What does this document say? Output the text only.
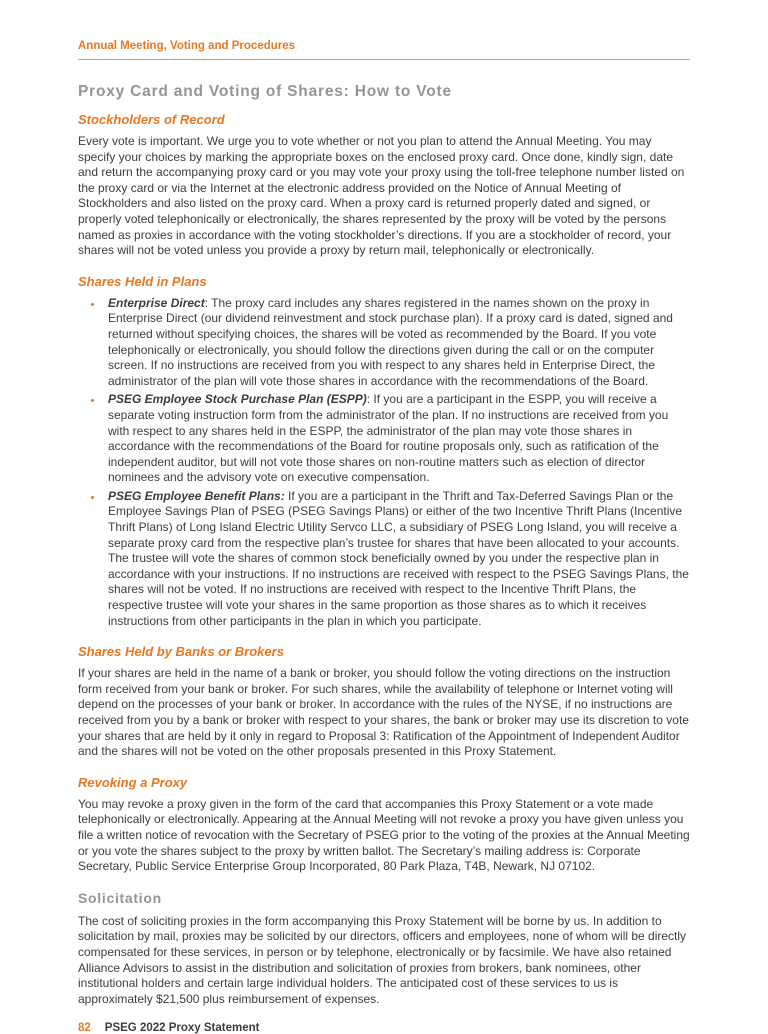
Annual Meeting, Voting and Procedures
Proxy Card and Voting of Shares: How to Vote
Stockholders of Record

Every vote is important. We urge you to vote whether or not you plan to attend the Annual Meeting. You may specify your choices by marking the appropriate boxes on the enclosed proxy card. Once done, kindly sign, date and return the accompanying proxy card or you may vote your proxy using the toll-free telephone number listed on the proxy card or via the Internet at the electronic address provided on the Notice of Annual Meeting of Stockholders and also listed on the proxy card. When a proxy card is returned properly dated and signed, or properly voted telephonically or electronically, the shares represented by the proxy will be voted by the persons named as proxies in accordance with the voting stockholder’s directions. If you are a stockholder of record, your shares will not be voted unless you provide a proxy by return mail, telephonically or electronically.

Shares Held in Plans
Enterprise Direct: The proxy card includes any shares registered in the names shown on the proxy in Enterprise Direct (our dividend reinvestment and stock purchase plan). If a proxy card is dated, signed and returned without specifying choices, the shares will be voted as recommended by the Board. If you vote telephonically or electronically, you should follow the directions given during the call or on the computer screen. If no instructions are received from you with respect to any shares held in Enterprise Direct, the administrator of the plan will vote those shares in accordance with the recommendations of the Board.
PSEG Employee Stock Purchase Plan (ESPP): If you are a participant in the ESPP, you will receive a separate voting instruction form from the administrator of the plan. If no instructions are received from you with respect to any shares held in the ESPP, the administrator of the plan may vote those shares in accordance with the recommendations of the Board for routine proposals only, such as ratification of the independent auditor, but will not vote those shares on non-routine matters such as election of director nominees and the advisory vote on executive compensation.
PSEG Employee Benefit Plans: If you are a participant in the Thrift and Tax-Deferred Savings Plan or the Employee Savings Plan of PSEG (PSEG Savings Plans) or either of the two Incentive Thrift Plans (Incentive Thrift Plans) of Long Island Electric Utility Servco LLC, a subsidiary of PSEG Long Island, you will receive a separate proxy card from the respective plan’s trustee for shares that have been allocated to your accounts. The trustee will vote the shares of common stock beneficially owned by you under the respective plan in accordance with your instructions. If no instructions are received with respect to the PSEG Savings Plans, the shares will not be voted. If no instructions are received with respect to the Incentive Thrift Plans, the respective trustee will vote your shares in the same proportion as those shares as to which it receives instructions from other participants in the plan in which you participate.
Shares Held by Banks or Brokers

If your shares are held in the name of a bank or broker, you should follow the voting directions on the instruction form received from your bank or broker. For such shares, while the availability of telephone or Internet voting will depend on the processes of your bank or broker. In accordance with the rules of the NYSE, if no instructions are received from you by a bank or broker with respect to your shares, the bank or broker may use its discretion to vote your shares that are held by it only in regard to Proposal 3: Ratification of the Appointment of Independent Auditor and the shares will not be voted on the other proposals presented in this Proxy Statement.

Revoking a Proxy

You may revoke a proxy given in the form of the card that accompanies this Proxy Statement or a vote made telephonically or electronically. Appearing at the Annual Meeting will not revoke a proxy you have given unless you file a written notice of revocation with the Secretary of PSEG prior to the voting of the proxies at the Annual Meeting or you vote the shares subject to the proxy by written ballot. The Secretary’s mailing address is: Corporate Secretary, Public Service Enterprise Group Incorporated, 80 Park Plaza, T4B, Newark, NJ 07102.

Solicitation

The cost of soliciting proxies in the form accompanying this Proxy Statement will be borne by us. In addition to solicitation by mail, proxies may be solicited by our directors, officers and employees, none of whom will be directly compensated for these services, in person or by telephone, electronically or by facsimile. We have also retained Alliance Advisors to assist in the distribution and solicitation of proxies from brokers, bank nominees, other institutional holders and certain large individual holders. The anticipated cost of these services to us is approximately $21,500 plus reimbursement of expenses.

82 PSEG 2022 Proxy Statement
